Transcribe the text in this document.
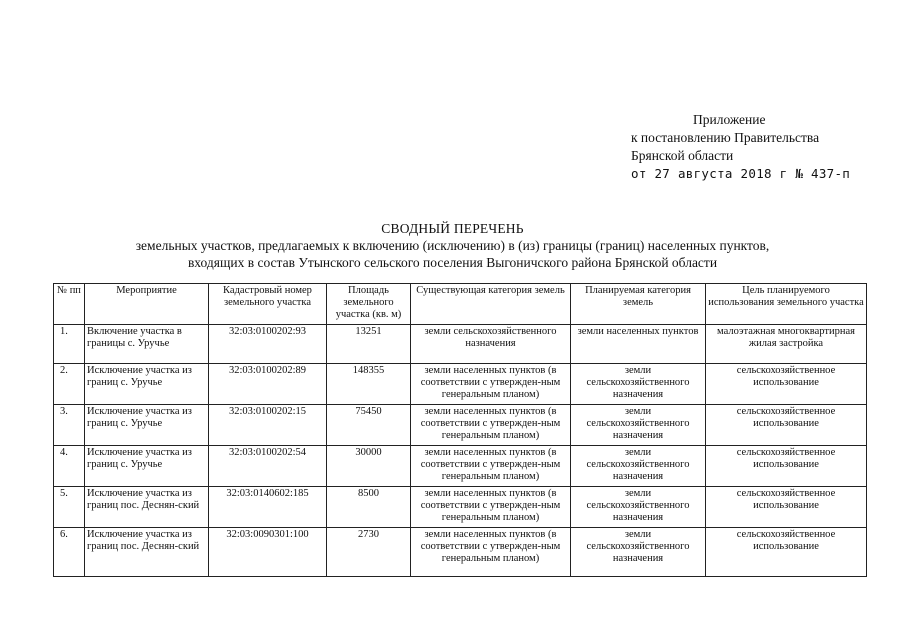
Приложение
к постановлению Правительства
Брянской области
от 27 августа 2018 г № 437-п
СВОДНЫЙ ПЕРЕЧЕНЬ
земельных участков, предлагаемых к включению (исключению) в (из) границы (границ) населенных пунктов,
входящих в состав Утынского сельского поселения Выгоничского района Брянской области
№ пп	Мероприятие	Кадастровый номер земельного участка	Площадь земельного участка (кв. м)	Существующая категория земель	Планируемая категория земель	Цель планируемого использования земельного участка
1.	Включение участка в границы с. Уручье	32:03:0100202:93	13251	земли сельскохозяйственного назначения	земли населенных пунктов	малоэтажная многоквартирная жилая застройка
2.	Исключение участка из границ с. Уручье	32:03:0100202:89	148355	земли населенных пунктов (в соответствии с утвержден-ным генеральным планом)	земли сельскохозяйственного назначения	сельскохозяйственное использование
3.	Исключение участка из границ с. Уручье	32:03:0100202:15	75450	земли населенных пунктов (в соответствии с утвержден-ным генеральным планом)	земли сельскохозяйственного назначения	сельскохозяйственное использование
4.	Исключение участка из границ с. Уручье	32:03:0100202:54	30000	земли населенных пунктов (в соответствии с утвержден-ным генеральным планом)	земли сельскохозяйственного назначения	сельскохозяйственное использование
5.	Исключение участка из границ пос. Деснян-ский	32:03:0140602:185	8500	земли населенных пунктов (в соответствии с утвержден-ным генеральным планом)	земли сельскохозяйственного назначения	сельскохозяйственное использование
6.	Исключение участка из границ пос. Деснян-ский	32:03:0090301:100	2730	земли населенных пунктов (в соответствии с утвержден-ным генеральным планом)	земли сельскохозяйственного назначения	сельскохозяйственное использование
